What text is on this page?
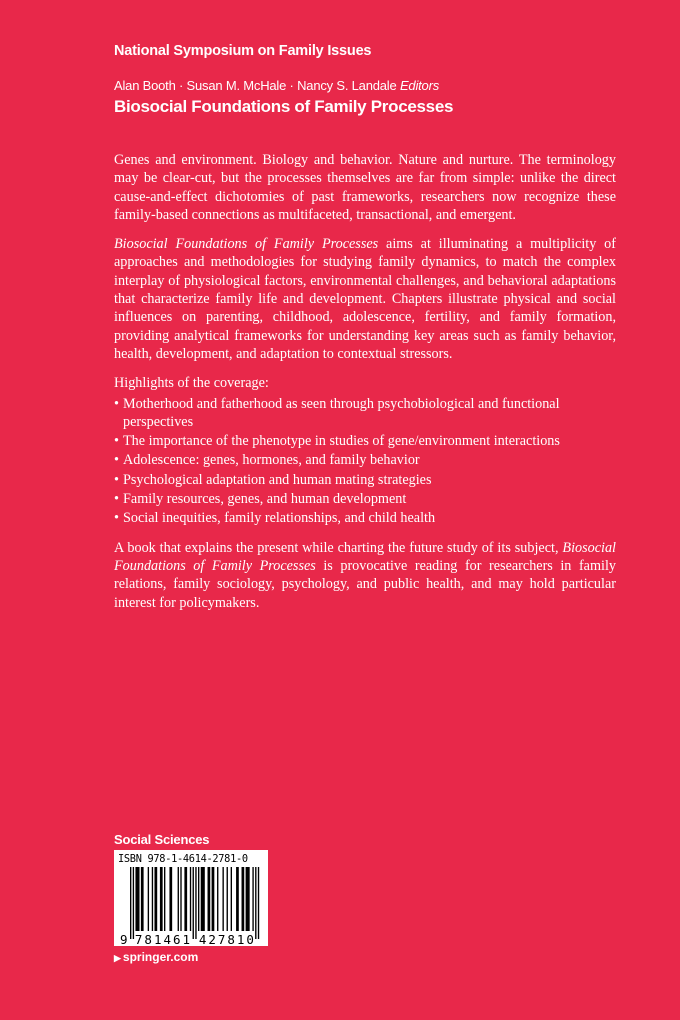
National Symposium on Family Issues
Alan Booth · Susan M. McHale · Nancy S. Landale Editors
Biosocial Foundations of Family Processes

Genes and environment. Biology and behavior. Nature and nurture. The terminology may be clear-cut, but the processes themselves are far from simple: unlike the direct cause-and-effect dichotomies of past frameworks, researchers now recognize these family-based connections as multifaceted, transactional, and emergent.

Biosocial Foundations of Family Processes aims at illuminating a multiplicity of approaches and methodologies for studying family dynamics, to match the complex interplay of physiological factors, environmental challenges, and behavioral adaptations that characterize family life and development. Chapters illustrate physical and social influences on parenting, childhood, adolescence, fertility, and family formation, providing analytical frameworks for understanding key areas such as family behavior, health, development, and adaptation to contextual stressors.

Highlights of the coverage:

• Motherhood and fatherhood as seen through psychobiological and functional perspectives
• The importance of the phenotype in studies of gene/environment interactions
• Adolescence: genes, hormones, and family behavior
• Psychological adaptation and human mating strategies
• Family resources, genes, and human development
• Social inequities, family relationships, and child health

A book that explains the present while charting the future study of its subject, Biosocial Foundations of Family Processes is provocative reading for researchers in family relations, family sociology, psychology, and public health, and may hold particular interest for policymakers.

Social Sciences
ISBN 978-1-4614-2781-0
9 7 8 1 4 6 1 4 2 7 8 1 0
▶ springer.com
